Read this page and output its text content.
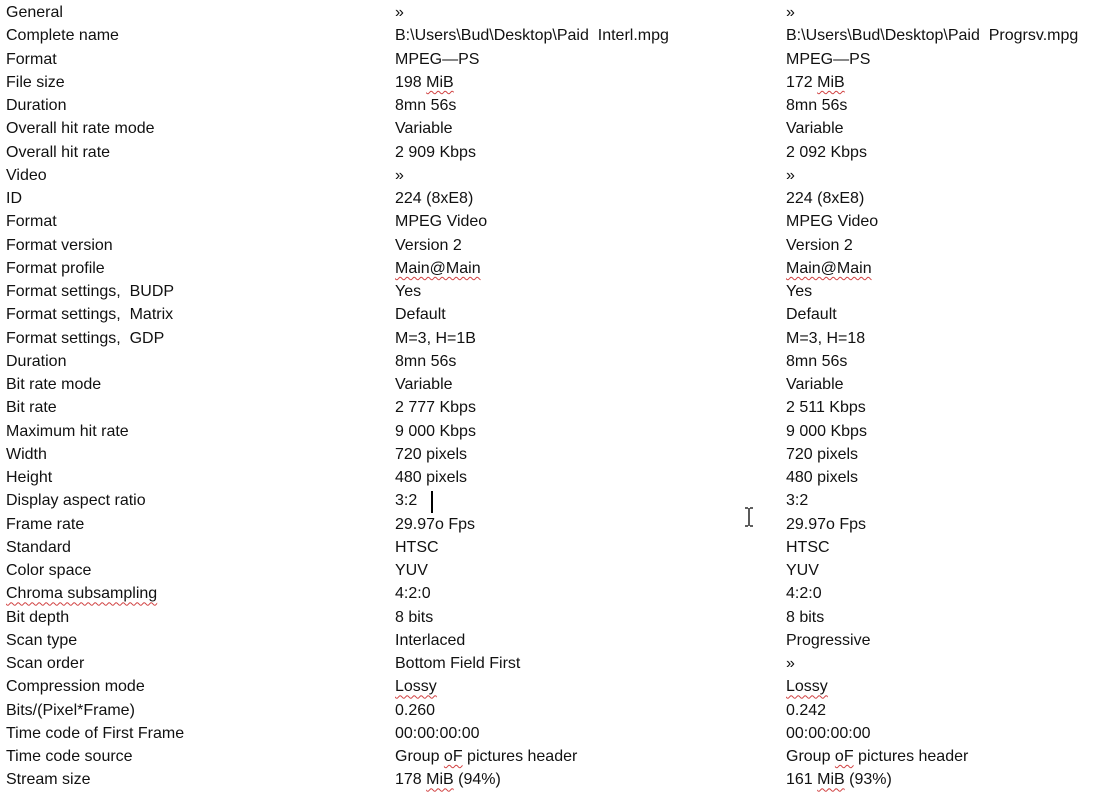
General	»	»
Complete name	B:\Users\Bud\Desktop\Paid  Interl.mpg	B:\Users\Bud\Desktop\Paid  Progrsv.mpg
Format	MPEG—PS	MPEG—PS
File size	198 MiB	172 MiB
Duration	8mn 56s	8mn 56s
Overall hit rate mode	Variable	Variable
Overall hit rate	2 909 Kbps	2 092 Kbps
Video	»	»
ID	224 (8xE8)	224 (8xE8)
Format	MPEG Video	MPEG Video
Format version	Version 2	Version 2
Format profile	Main@Main	Main@Main
Format settings,  BUDP	Yes	Yes
Format settings,  Matrix	Default	Default
Format settings,  GDP	M=3, H=1B	M=3, H=18
Duration	8mn 56s	8mn 56s
Bit rate mode	Variable	Variable
Bit rate	2 777 Kbps	2 511 Kbps
Maximum hit rate	9 000 Kbps	9 000 Kbps
Width	720 pixels	720 pixels
Height	480 pixels	480 pixels
Display aspect ratio	3:2	3:2
Frame rate	29.97o Fps	29.97o Fps
Standard	HTSC	HTSC
Color space	YUV	YUV
Chroma subsampling	4:2:0	4:2:0
Bit depth	8 bits	8 bits
Scan type	Interlaced	Progressive
Scan order	Bottom Field First	»
Compression mode	Lossy	Lossy
Bits/(Pixel*Frame)	0.260	0.242
Time code of First Frame	00:00:00:00	00:00:00:00
Time code source	Group oF pictures header	Group oF pictures header
Stream size	178 MiB (94%)	161 MiB (93%)
